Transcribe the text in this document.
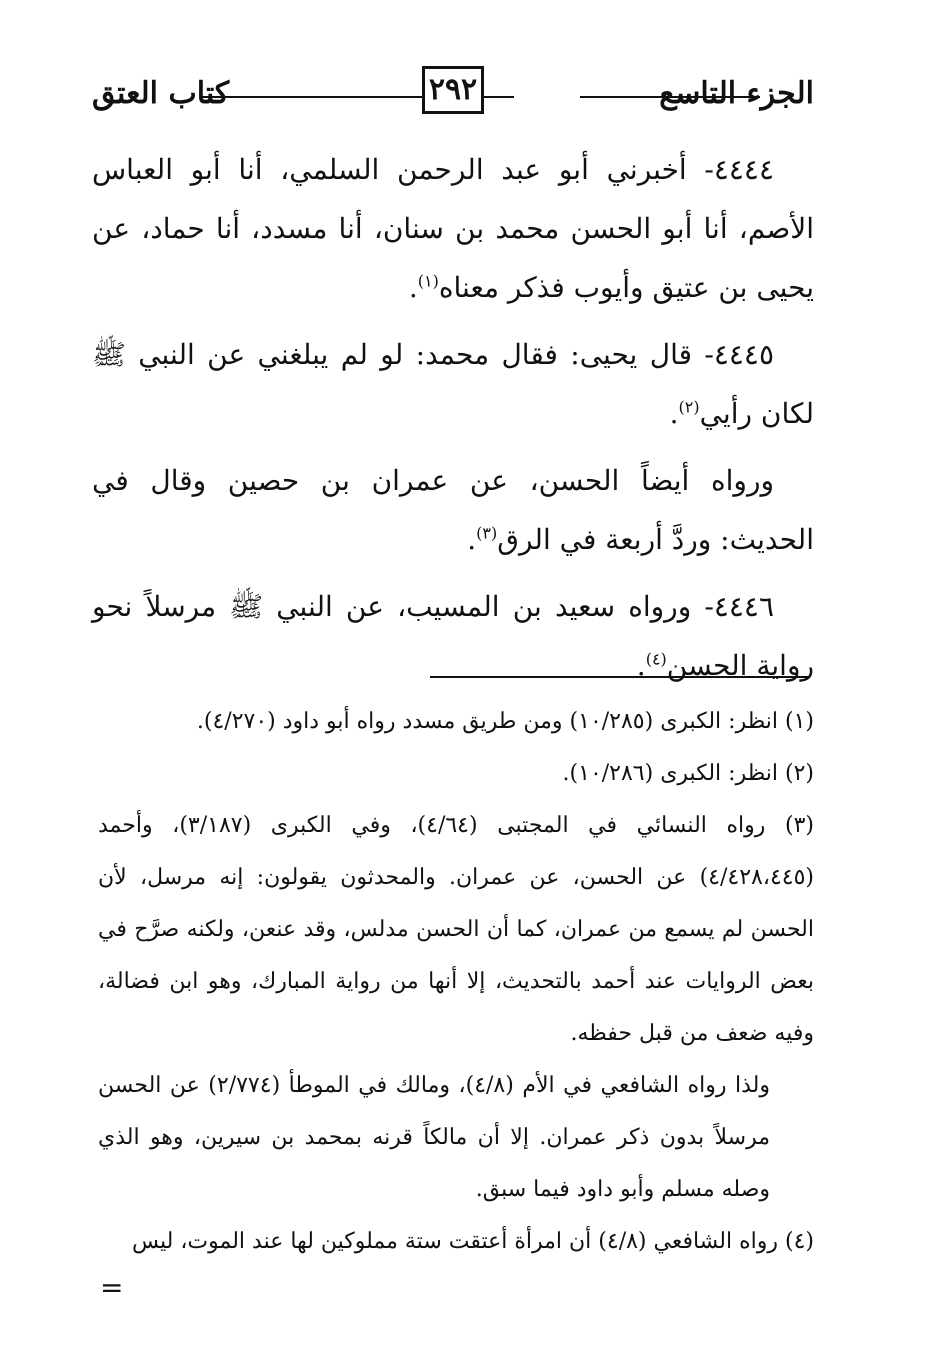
الجزء التاسع
٢٩٢
كتاب العتق

٤٤٤٤- أخبرني أبو عبد الرحمن السلمي، أنا أبو العباس الأصم، أنا أبو الحسن محمد بن سنان، أنا مسدد، أنا حماد، عن يحيى بن عتيق وأيوب فذكر معناه$^{(١)}$.

٤٤٤٥- قال يحيى: فقال محمد: لو لم يبلغني عن النبي ﷺ لكان رأيي$^{(٢)}$.

ورواه أيضاً الحسن، عن عمران بن حصين وقال في الحديث: وردَّ أربعة في الرق$^{(٣)}$.

٤٤٤٦- ورواه سعيد بن المسيب، عن النبي ﷺ مرسلاً نحو رواية الحسن$^{(٤)}$.

(١) انظر: الكبرى (١٠/٢٨٥) ومن طريق مسدد رواه أبو داود (٤/٢٧٠).

(٢) انظر: الكبرى (١٠/٢٨٦).

(٣) رواه النسائي في المجتبى (٤/٦٤)، وفي الكبرى (٣/١٨٧)، وأحمد (٤/٤٢٨،٤٤٥) عن الحسن، عن عمران. والمحدثون يقولون: إنه مرسل، لأن الحسن لم يسمع من عمران، كما أن الحسن مدلس، وقد عنعن، ولكنه صرَّح في بعض الروايات عند أحمد بالتحديث، إلا أنها من رواية المبارك، وهو ابن فضالة، وفيه ضعف من قبل حفظه.

ولذا رواه الشافعي في الأم (٤/٨)، ومالك في الموطأ (٢/٧٧٤) عن الحسن مرسلاً بدون ذكر عمران. إلا أن مالكاً قرنه بمحمد بن سيرين، وهو الذي وصله مسلم وأبو داود فيما سبق.

(٤) رواه الشافعي (٤/٨) أن امرأة أعتقت ستة مملوكين لها عند الموت، ليس

=
